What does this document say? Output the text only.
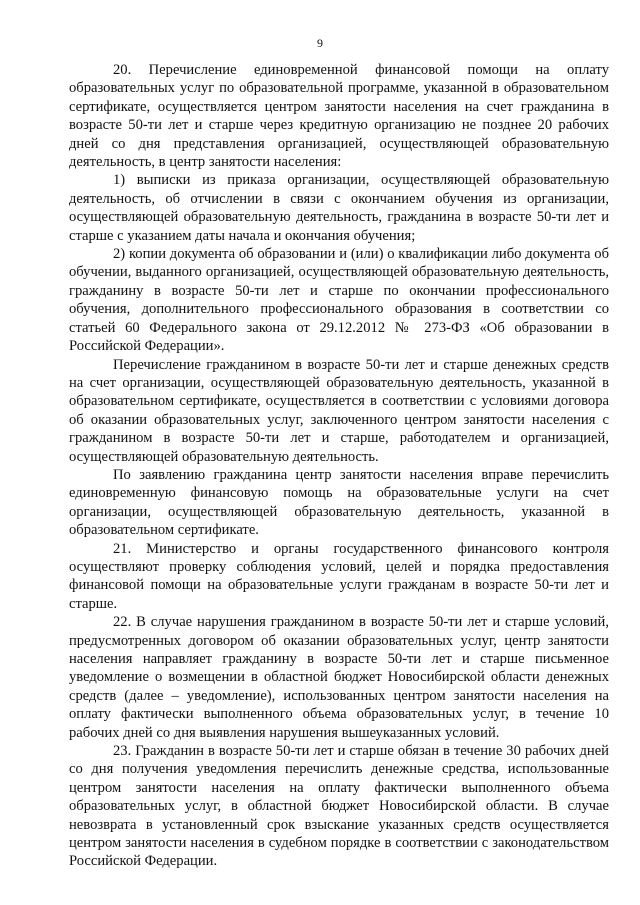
9

20. Перечисление единовременной финансовой помощи на оплату образовательных услуг по образовательной программе, указанной в образовательном сертификате, осуществляется центром занятости населения на счет гражданина в возрасте 50-ти лет и старше через кредитную организацию не позднее 20 рабочих дней со дня представления организацией, осуществляющей образовательную деятельность, в центр занятости населения:

1) выписки из приказа организации, осуществляющей образовательную деятельность, об отчислении в связи с окончанием обучения из организации, осуществляющей образовательную деятельность, гражданина в возрасте 50-ти лет и старше с указанием даты начала и окончания обучения;

2) копии документа об образовании и (или) о квалификации либо документа об обучении, выданного организацией, осуществляющей образовательную деятельность, гражданину в возрасте 50-ти лет и старше по окончании профессионального обучения, дополнительного профессионального образования в соответствии со статьей 60 Федерального закона от 29.12.2012 № 273-ФЗ «Об образовании в Российской Федерации».

Перечисление гражданином в возрасте 50-ти лет и старше денежных средств на счет организации, осуществляющей образовательную деятельность, указанной в образовательном сертификате, осуществляется в соответствии с условиями договора об оказании образовательных услуг, заключенного центром занятости населения с гражданином в возрасте 50-ти лет и старше, работодателем и организацией, осуществляющей образовательную деятельность.

По заявлению гражданина центр занятости населения вправе перечислить единовременную финансовую помощь на образовательные услуги на счет организации, осуществляющей образовательную деятельность, указанной в образовательном сертификате.

21. Министерство и органы государственного финансового контроля осуществляют проверку соблюдения условий, целей и порядка предоставления финансовой помощи на образовательные услуги гражданам в возрасте 50-ти лет и старше.

22. В случае нарушения гражданином в возрасте 50-ти лет и старше условий, предусмотренных договором об оказании образовательных услуг, центр занятости населения направляет гражданину в возрасте 50-ти лет и старше письменное уведомление о возмещении в областной бюджет Новосибирской области денежных средств (далее – уведомление), использованных центром занятости населения на оплату фактически выполненного объема образовательных услуг, в течение 10 рабочих дней со дня выявления нарушения вышеуказанных условий.

23. Гражданин в возрасте 50-ти лет и старше обязан в течение 30 рабочих дней со дня получения уведомления перечислить денежные средства, использованные центром занятости населения на оплату фактически выполненного объема образовательных услуг, в областной бюджет Новосибирской области. В случае невозврата в установленный срок взыскание указанных средств осуществляется центром занятости населения в судебном порядке в соответствии с законодательством Российской Федерации.
